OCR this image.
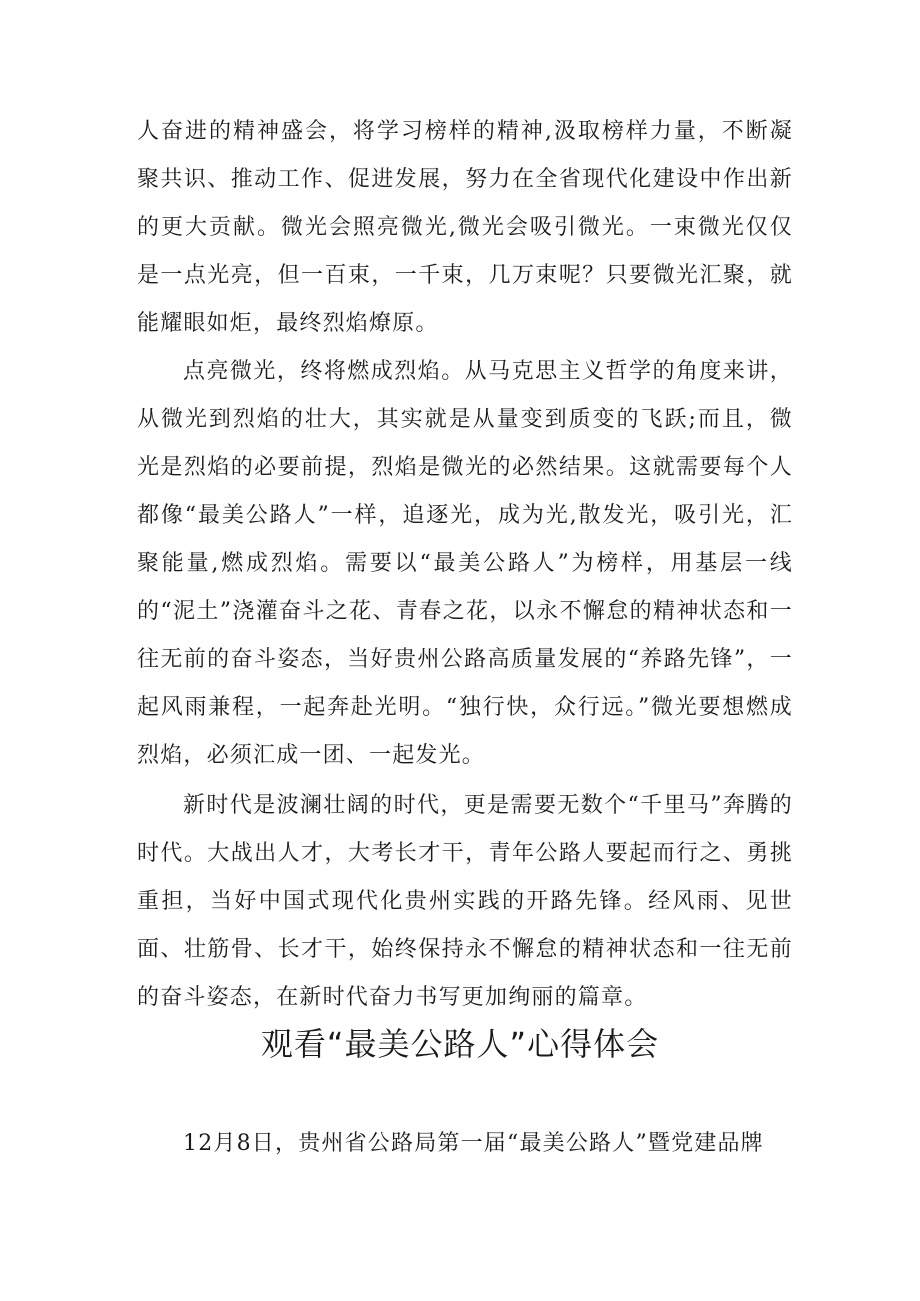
人奋进的精神盛会，将学习榜样的精神,汲取榜样力量，不断凝聚共识、推动工作、促进发展，努力在全省现代化建设中作出新的更大贡献。微光会照亮微光,微光会吸引微光。一束微光仅仅是一点光亮，但一百束，一千束，几万束呢？只要微光汇聚，就能耀眼如炬，最终烈焰燎原。

点亮微光，终将燃成烈焰。从马克思主义哲学的角度来讲，从微光到烈焰的壮大，其实就是从量变到质变的飞跃;而且，微光是烈焰的必要前提，烈焰是微光的必然结果。这就需要每个人都像“最美公路人”一样，追逐光，成为光,散发光，吸引光，汇聚能量,燃成烈焰。需要以“最美公路人”为榜样，用基层一线的“泥土”浇灌奋斗之花、青春之花，以永不懈怠的精神状态和一往无前的奋斗姿态，当好贵州公路高质量发展的“养路先锋”，一起风雨兼程，一起奔赴光明。“独行快，众行远。”微光要想燃成烈焰，必须汇成一团、一起发光。

新时代是波澜壮阔的时代，更是需要无数个“千里马”奔腾的时代。大战出人才，大考长才干，青年公路人要起而行之、勇挑重担，当好中国式现代化贵州实践的开路先锋。经风雨、见世面、壮筋骨、长才干，始终保持永不懈怠的精神状态和一往无前的奋斗姿态，在新时代奋力书写更加绚丽的篇章。

观看“最美公路人”心得体会

12月8日，贵州省公路局第一届“最美公路人”暨党建品牌
